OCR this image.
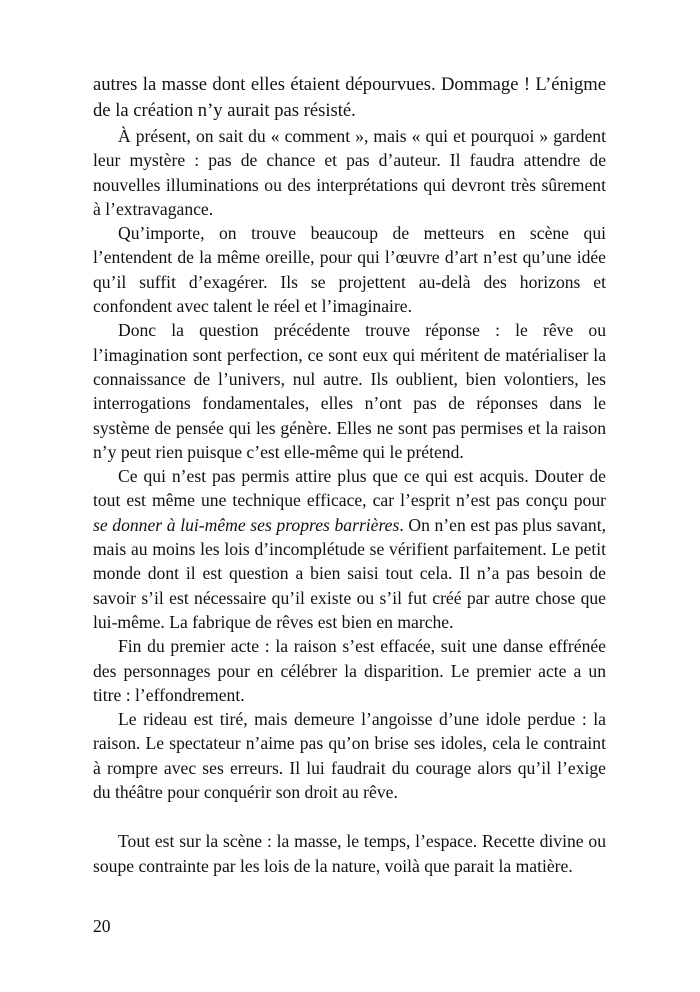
autres la masse dont elles étaient dépourvues. Dommage ! L’énigme de la création n’y aurait pas résisté.

À présent, on sait du « comment », mais « qui et pourquoi » gardent leur mystère : pas de chance et pas d’auteur. Il faudra attendre de nouvelles illuminations ou des interprétations qui devront très sûrement à l’extravagance.

Qu’importe, on trouve beaucoup de metteurs en scène qui l’entendent de la même oreille, pour qui l’œuvre d’art n’est qu’une idée qu’il suffit d’exagérer. Ils se projettent au-delà des horizons et confondent avec talent le réel et l’imaginaire.

Donc la question précédente trouve réponse : le rêve ou l’imagination sont perfection, ce sont eux qui méritent de matérialiser la connaissance de l’univers, nul autre. Ils oublient, bien volontiers, les interrogations fondamentales, elles n’ont pas de réponses dans le système de pensée qui les génère. Elles ne sont pas permises et la raison n’y peut rien puisque c’est elle-même qui le prétend.

Ce qui n’est pas permis attire plus que ce qui est acquis. Douter de tout est même une technique efficace, car l’esprit n’est pas conçu pour se donner à lui-même ses propres barrières. On n’en est pas plus savant, mais au moins les lois d’incomplétude se vérifient parfaitement. Le petit monde dont il est question a bien saisi tout cela. Il n’a pas besoin de savoir s’il est nécessaire qu’il existe ou s’il fut créé par autre chose que lui-même. La fabrique de rêves est bien en marche.

Fin du premier acte : la raison s’est effacée, suit une danse effrénée des personnages pour en célébrer la disparition. Le premier acte a un titre : l’effondrement.

Le rideau est tiré, mais demeure l’angoisse d’une idole perdue : la raison. Le spectateur n’aime pas qu’on brise ses idoles, cela le contraint à rompre avec ses erreurs. Il lui faudrait du courage alors qu’il l’exige du théâtre pour conquérir son droit au rêve.

Tout est sur la scène : la masse, le temps, l’espace. Recette divine ou soupe contrainte par les lois de la nature, voilà que parait la matière.

20
